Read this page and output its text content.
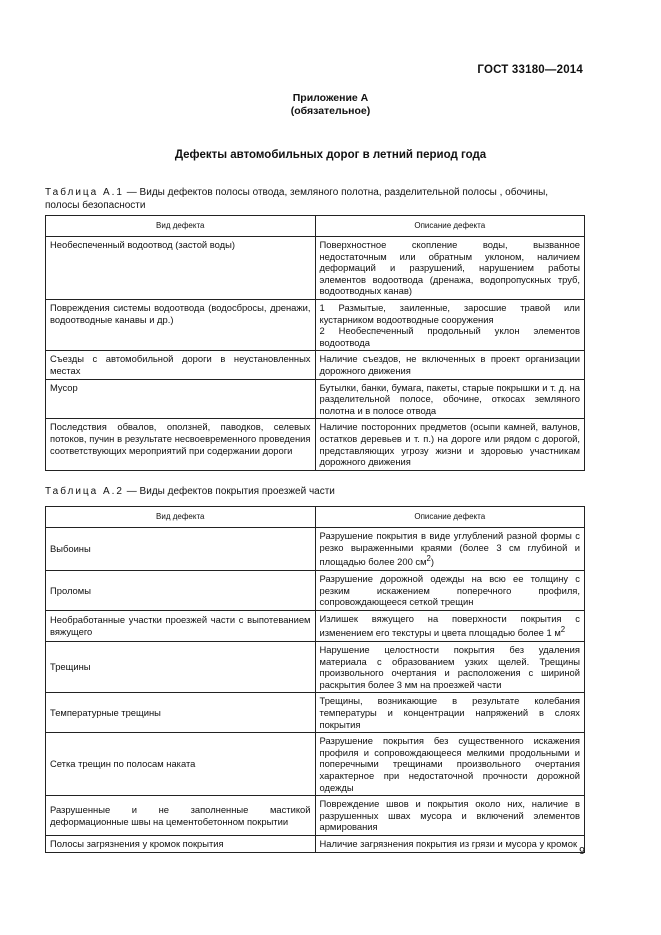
ГОСТ 33180—2014
Приложение А
(обязательное)
Дефекты автомобильных дорог в летний период года
Таблица А.1 — Виды дефектов полосы отвода, земляного полотна, разделительной полосы , обочины, полосы безопасности
Вид дефекта	Описание дефекта
Необеспеченный водоотвод (застой воды)	Поверхностное скопление воды, вызванное недостаточным или обратным уклоном, наличием деформаций и разрушений, нарушением работы элементов водоотвода (дренажа, водопропускных труб, водоотводных канав)
Повреждения системы водоотвода (водосбросы, дренажи, водоотводные канавы и др.)	1 Размытые, заиленные, заросшие травой или кустарником водоотводные сооружения
2 Необеспеченный продольный уклон элементов водоотвода

Съезды с автомобильной дороги в неустановленных местах	Наличие съездов, не включенных в проект организации дорожного движения
Мусор	Бутылки, банки, бумага, пакеты, старые покрышки и т. д. на разделительной полосе, обочине, откосах земляного полотна и в полосе отвода
Последствия обвалов, оползней, паводков, селевых потоков, пучин в результате несвоевременного проведения соответствующих мероприятий при содержании дороги	Наличие посторонних предметов (осыпи камней, валунов, остатков деревьев и т. п.) на дороге или рядом с дорогой, представляющих угрозу жизни и здоровью участникам дорожного движения
Таблица А.2 — Виды дефектов покрытия проезжей части
Вид дефекта	Описание дефекта
Выбоины	Разрушение покрытия в виде углублений разной формы с резко выраженными краями (более 3 см глубиной и площадью более 200 $см^2$)
Проломы	Разрушение дорожной одежды на всю ее толщину с резким искажением поперечного профиля, сопровождающееся сеткой трещин
Необработанные участки проезжей части с выпотеванием вяжущего	Излишек вяжущего на поверхности покрытия с изменением его текстуры и цвета площадью более 1 $м^2$
Трещины	Нарушение целостности покрытия без удаления материала с образованием узких щелей. Трещины произвольного очертания и расположения с шириной раскрытия более 3 мм на проезжей части
Температурные трещины	Трещины, возникающие в результате колебания температуры и концентрации напряжений в слоях покрытия
Сетка трещин по полосам наката	Разрушение покрытия без существенного искажения профиля и сопровождающееся мелкими продольными и поперечными трещинами произвольного очертания характерное при недостаточной прочности дорожной одежды
Разрушенные и не заполненные мастикой деформационные швы на цементобетонном покрытии	Повреждение швов и покрытия около них, наличие в разрушенных швах мусора и включений элементов армирования
Полосы загрязнения у кромок покрытия	Наличие загрязнения покрытия из грязи и мусора у кромок
9
